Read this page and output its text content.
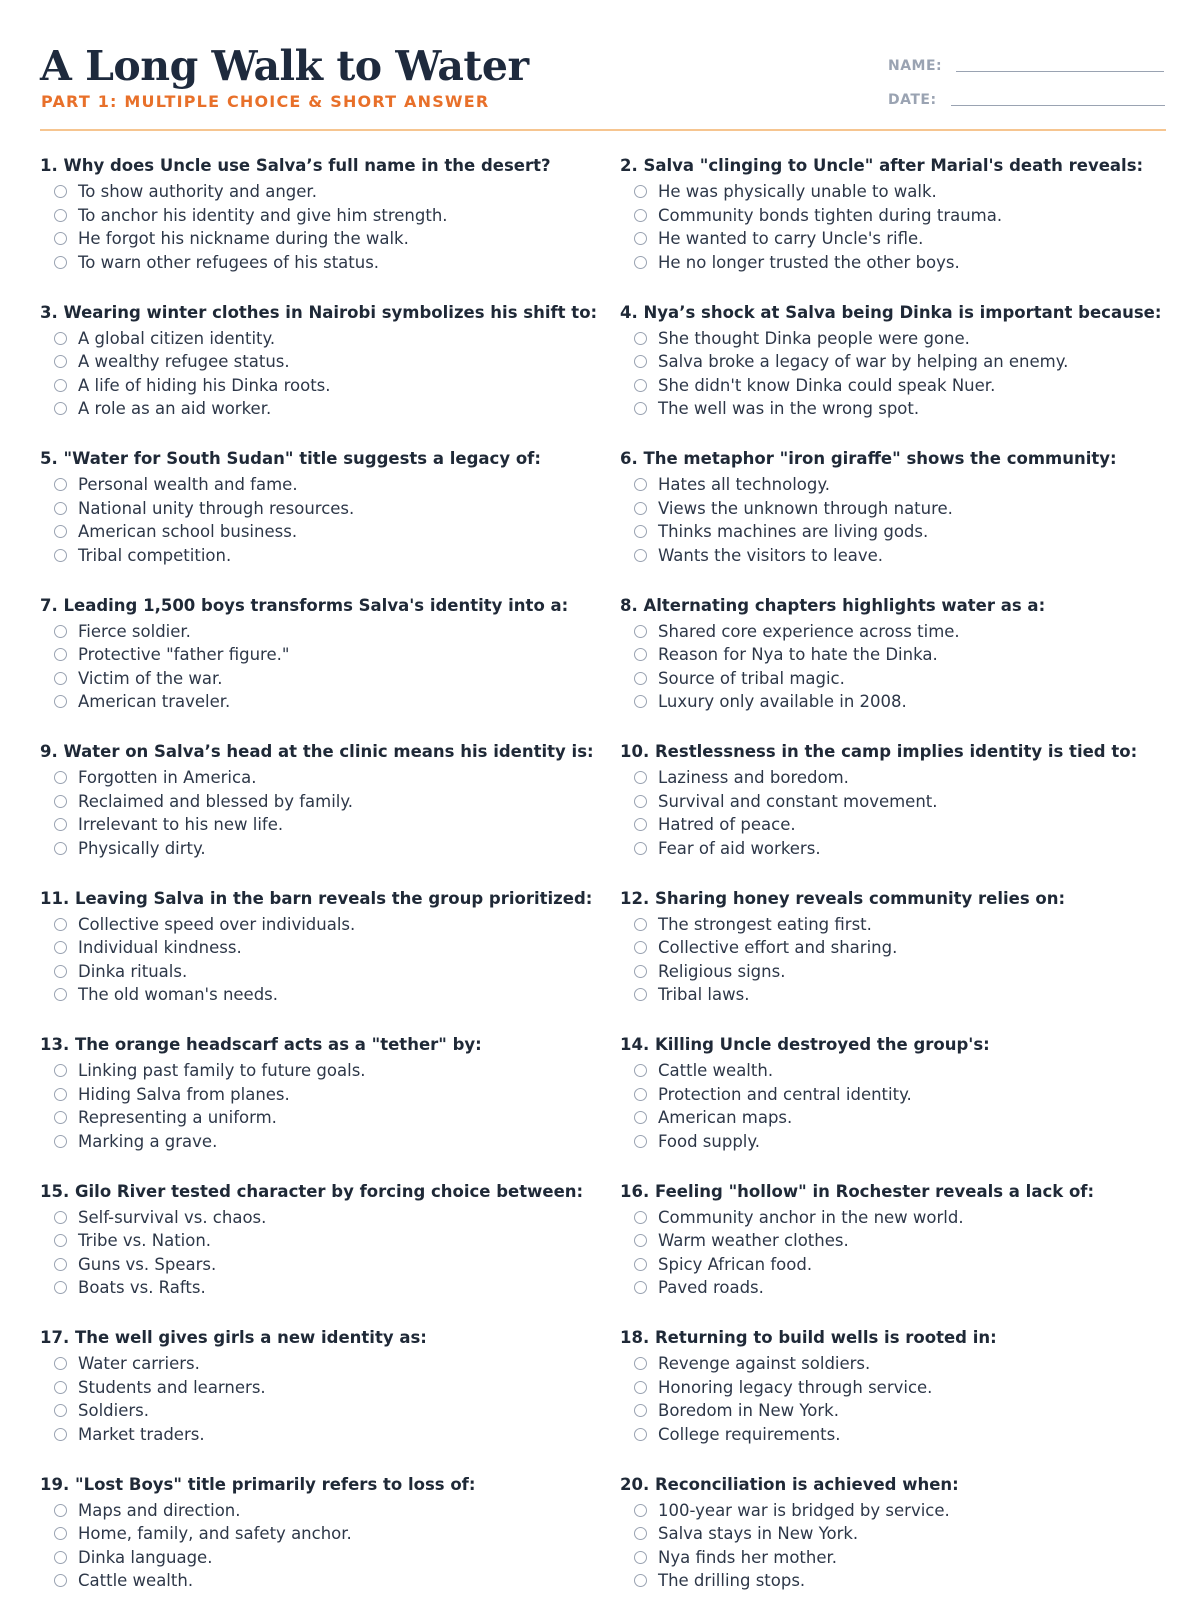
A Long Walk to Water
PART 1: MULTIPLE CHOICE & SHORT ANSWER
NAME:
DATE:
1. Why does Uncle use Salva’s full name in the desert?
To show authority and anger.
To anchor his identity and give him strength.
He forgot his nickname during the walk.
To warn other refugees of his status.
2. Salva "clinging to Uncle" after Marial's death reveals:
He was physically unable to walk.
Community bonds tighten during trauma.
He wanted to carry Uncle's rifle.
He no longer trusted the other boys.
3. Wearing winter clothes in Nairobi symbolizes his shift to:
A global citizen identity.
A wealthy refugee status.
A life of hiding his Dinka roots.
A role as an aid worker.
4. Nya’s shock at Salva being Dinka is important because:
She thought Dinka people were gone.
Salva broke a legacy of war by helping an enemy.
She didn't know Dinka could speak Nuer.
The well was in the wrong spot.
5. "Water for South Sudan" title suggests a legacy of:
Personal wealth and fame.
National unity through resources.
American school business.
Tribal competition.
6. The metaphor "iron giraffe" shows the community:
Hates all technology.
Views the unknown through nature.
Thinks machines are living gods.
Wants the visitors to leave.
7. Leading 1,500 boys transforms Salva's identity into a:
Fierce soldier.
Protective "father figure."
Victim of the war.
American traveler.
8. Alternating chapters highlights water as a:
Shared core experience across time.
Reason for Nya to hate the Dinka.
Source of tribal magic.
Luxury only available in 2008.
9. Water on Salva’s head at the clinic means his identity is:
Forgotten in America.
Reclaimed and blessed by family.
Irrelevant to his new life.
Physically dirty.
10. Restlessness in the camp implies identity is tied to:
Laziness and boredom.
Survival and constant movement.
Hatred of peace.
Fear of aid workers.
11. Leaving Salva in the barn reveals the group prioritized:
Collective speed over individuals.
Individual kindness.
Dinka rituals.
The old woman's needs.
12. Sharing honey reveals community relies on:
The strongest eating first.
Collective effort and sharing.
Religious signs.
Tribal laws.
13. The orange headscarf acts as a "tether" by:
Linking past family to future goals.
Hiding Salva from planes.
Representing a uniform.
Marking a grave.
14. Killing Uncle destroyed the group's:
Cattle wealth.
Protection and central identity.
American maps.
Food supply.
15. Gilo River tested character by forcing choice between:
Self-survival vs. chaos.
Tribe vs. Nation.
Guns vs. Spears.
Boats vs. Rafts.
16. Feeling "hollow" in Rochester reveals a lack of:
Community anchor in the new world.
Warm weather clothes.
Spicy African food.
Paved roads.
17. The well gives girls a new identity as:
Water carriers.
Students and learners.
Soldiers.
Market traders.
18. Returning to build wells is rooted in:
Revenge against soldiers.
Honoring legacy through service.
Boredom in New York.
College requirements.
19. "Lost Boys" title primarily refers to loss of:
Maps and direction.
Home, family, and safety anchor.
Dinka language.
Cattle wealth.
20. Reconciliation is achieved when:
100-year war is bridged by service.
Salva stays in New York.
Nya finds her mother.
The drilling stops.
